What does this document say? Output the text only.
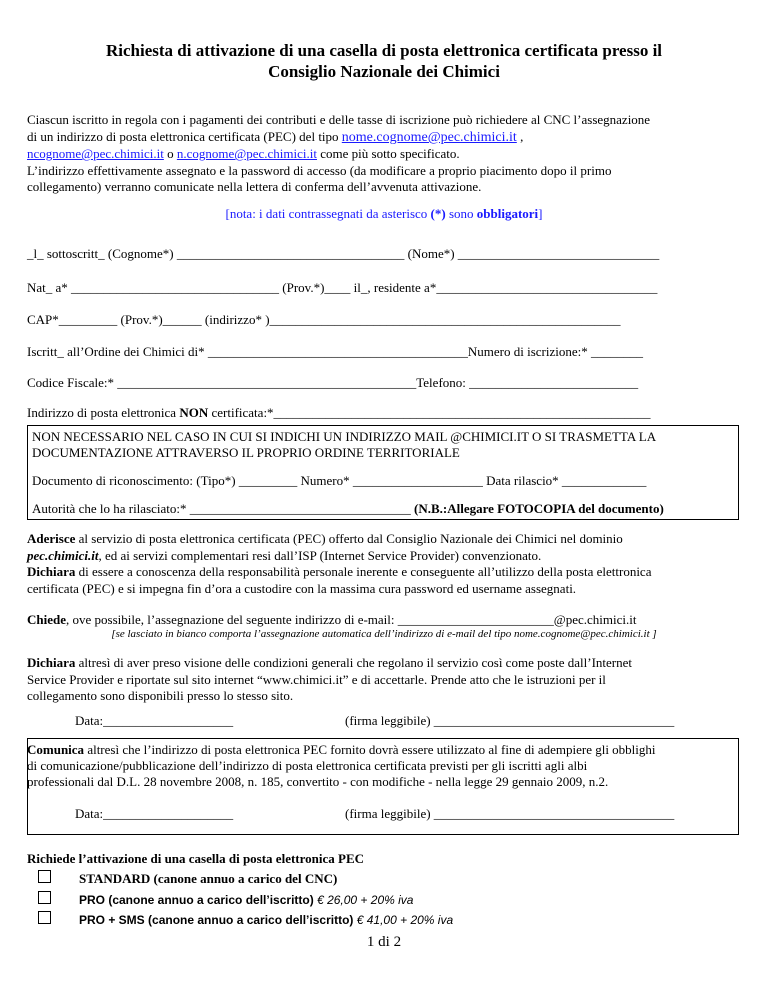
Richiesta di attivazione di una casella di posta elettronica certificata presso il
Consiglio Nazionale dei Chimici
Ciascun iscritto in regola con i pagamenti dei contributi e delle tasse di iscrizione può richiedere al CNC l’assegnazione
di un indirizzo di posta elettronica certificata (PEC) del tipo nome.cognome@pec.chimici.it ,
ncognome@pec.chimici.it o n.cognome@pec.chimici.it come più sotto specificato.
L’indirizzo effettivamente assegnato e la password di accesso (da modificare a proprio piacimento dopo il primo
collegamento) verranno comunicate nella lettera di conferma dell’avvenuta attivazione.
[nota: i dati contrassegnati da asterisco (*) sono obbligatori]
_l_ sottoscritt_ (Cognome*) ___________________________________ (Nome*) _______________________________
Nat_ a* ________________________________ (Prov.*)____ il_, residente a*__________________________________
CAP*_________ (Prov.*)______ (indirizzo* )______________________________________________________
Iscritt_ all’Ordine dei Chimici di* ________________________________________Numero di iscrizione:* ________
Codice Fiscale:* ______________________________________________Telefono: __________________________
Indirizzo di posta elettronica NON certificata:*__________________________________________________________
NON NECESSARIO NEL CASO IN CUI SI INDICHI UN INDIRIZZO MAIL @CHIMICI.IT O SI TRASMETTA LA
DOCUMENTAZIONE ATTRAVERSO IL PROPRIO ORDINE TERRITORIALE
Documento di riconoscimento: (Tipo*) _________ Numero* ____________________ Data rilascio* _____________
Autorità che lo ha rilasciato:* __________________________________ (N.B.:Allegare FOTOCOPIA del documento)
Aderisce al servizio di posta elettronica certificata (PEC) offerto dal Consiglio Nazionale dei Chimici nel dominio
pec.chimici.it, ed ai servizi complementari resi dall’ISP (Internet Service Provider) convenzionato.
Dichiara di essere a conoscenza della responsabilità personale inerente e conseguente all’utilizzo della posta elettronica
certificata (PEC) e si impegna fin d’ora a custodire con la massima cura password ed username assegnati.
Chiede, ove possibile, l’assegnazione del seguente indirizzo di e-mail: ________________________@pec.chimici.it
[se lasciato in bianco comporta l’assegnazione automatica dell’indirizzo di e-mail del tipo nome.cognome@pec.chimici.it ]
Dichiara altresì di aver preso visione delle condizioni generali che regolano il servizio così come poste dall’Internet
Service Provider e riportate sul sito internet “www.chimici.it” e di accettarle. Prende atto che le istruzioni per il
collegamento sono disponibili presso lo stesso sito.
Data:____________________	(firma leggibile) _____________________________________
Comunica altresì che l’indirizzo di posta elettronica PEC fornito dovrà essere utilizzato al fine di adempiere gli obblighi
di comunicazione/pubblicazione dell’indirizzo di posta elettronica certificata previsti per gli iscritti agli albi
professionali dal D.L. 28 novembre 2008, n. 185, convertito - con modifiche - nella legge 29 gennaio 2009, n.2.
Data:____________________	(firma leggibile) _____________________________________
Richiede l’attivazione di una casella di posta elettronica PEC
STANDARD (canone annuo a carico del CNC)
PRO (canone annuo a carico dell’iscritto) € 26,00 + 20% iva
PRO + SMS (canone annuo a carico dell’iscritto) € 41,00 + 20% iva
1 di 2
